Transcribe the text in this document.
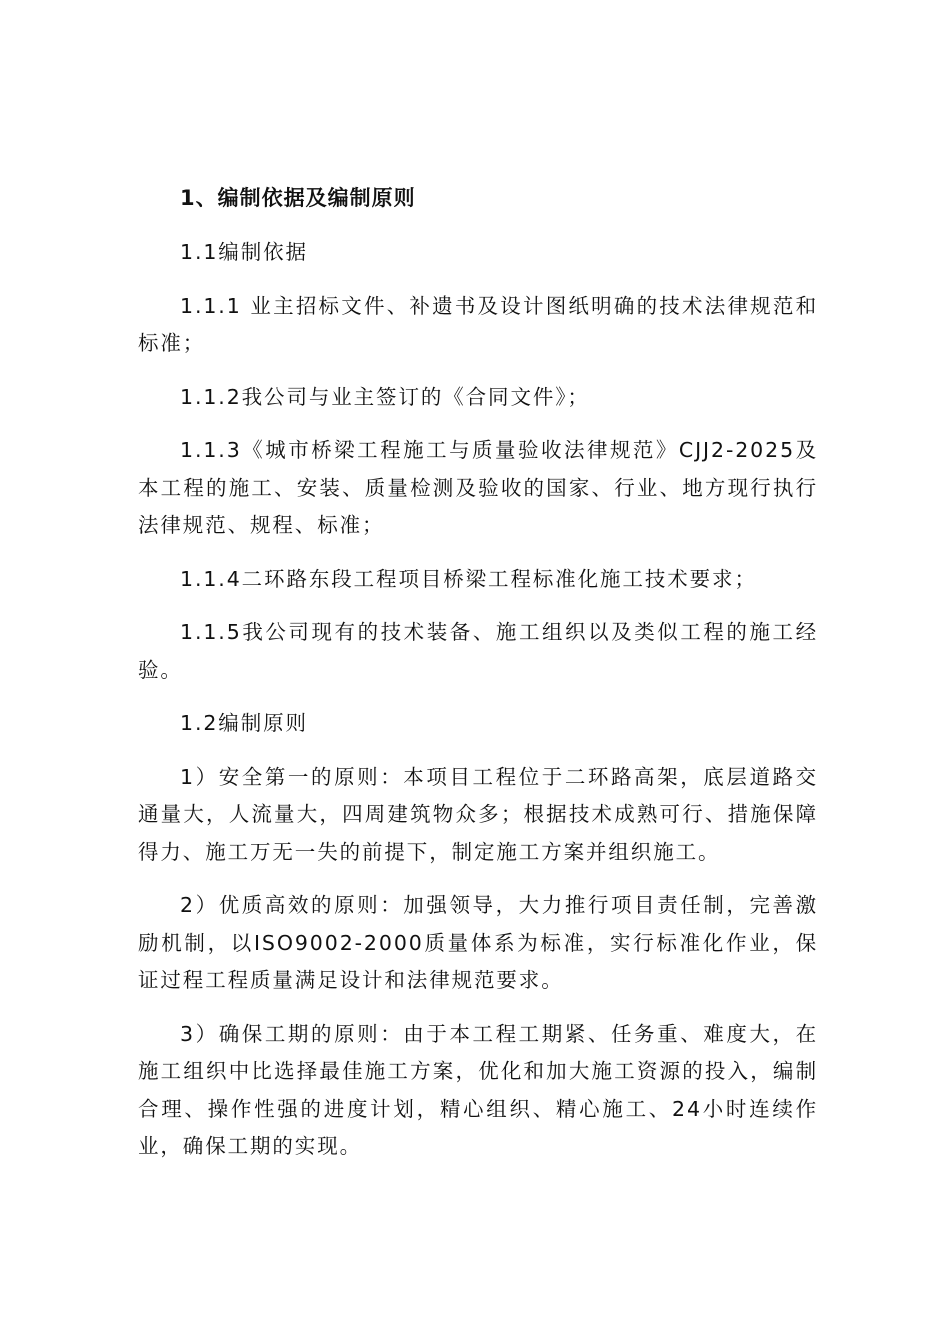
1、编制依据及编制原则
1.1编制依据
1.1.1 业主招标文件、补遗书及设计图纸明确的技术法律规范和标准；
1.1.2我公司与业主签订的《合同文件》；
1.1.3《城市桥梁工程施工与质量验收法律规范》CJJ2-2025及本工程的施工、安装、质量检测及验收的国家、行业、地方现行执行法律规范、规程、标准；
1.1.4二环路东段工程项目桥梁工程标准化施工技术要求；
1.1.5我公司现有的技术装备、施工组织以及类似工程的施工经验。
1.2编制原则
1）安全第一的原则：本项目工程位于二环路高架，底层道路交通量大，人流量大，四周建筑物众多；根据技术成熟可行、措施保障得力、施工万无一失的前提下，制定施工方案并组织施工。
2）优质高效的原则：加强领导，大力推行项目责任制，完善激励机制，以ISO9002-2000质量体系为标准，实行标准化作业，保证过程工程质量满足设计和法律规范要求。
3）确保工期的原则：由于本工程工期紧、任务重、难度大，在施工组织中比选择最佳施工方案，优化和加大施工资源的投入，编制合理、操作性强的进度计划，精心组织、精心施工、24小时连续作业，确保工期的实现。
